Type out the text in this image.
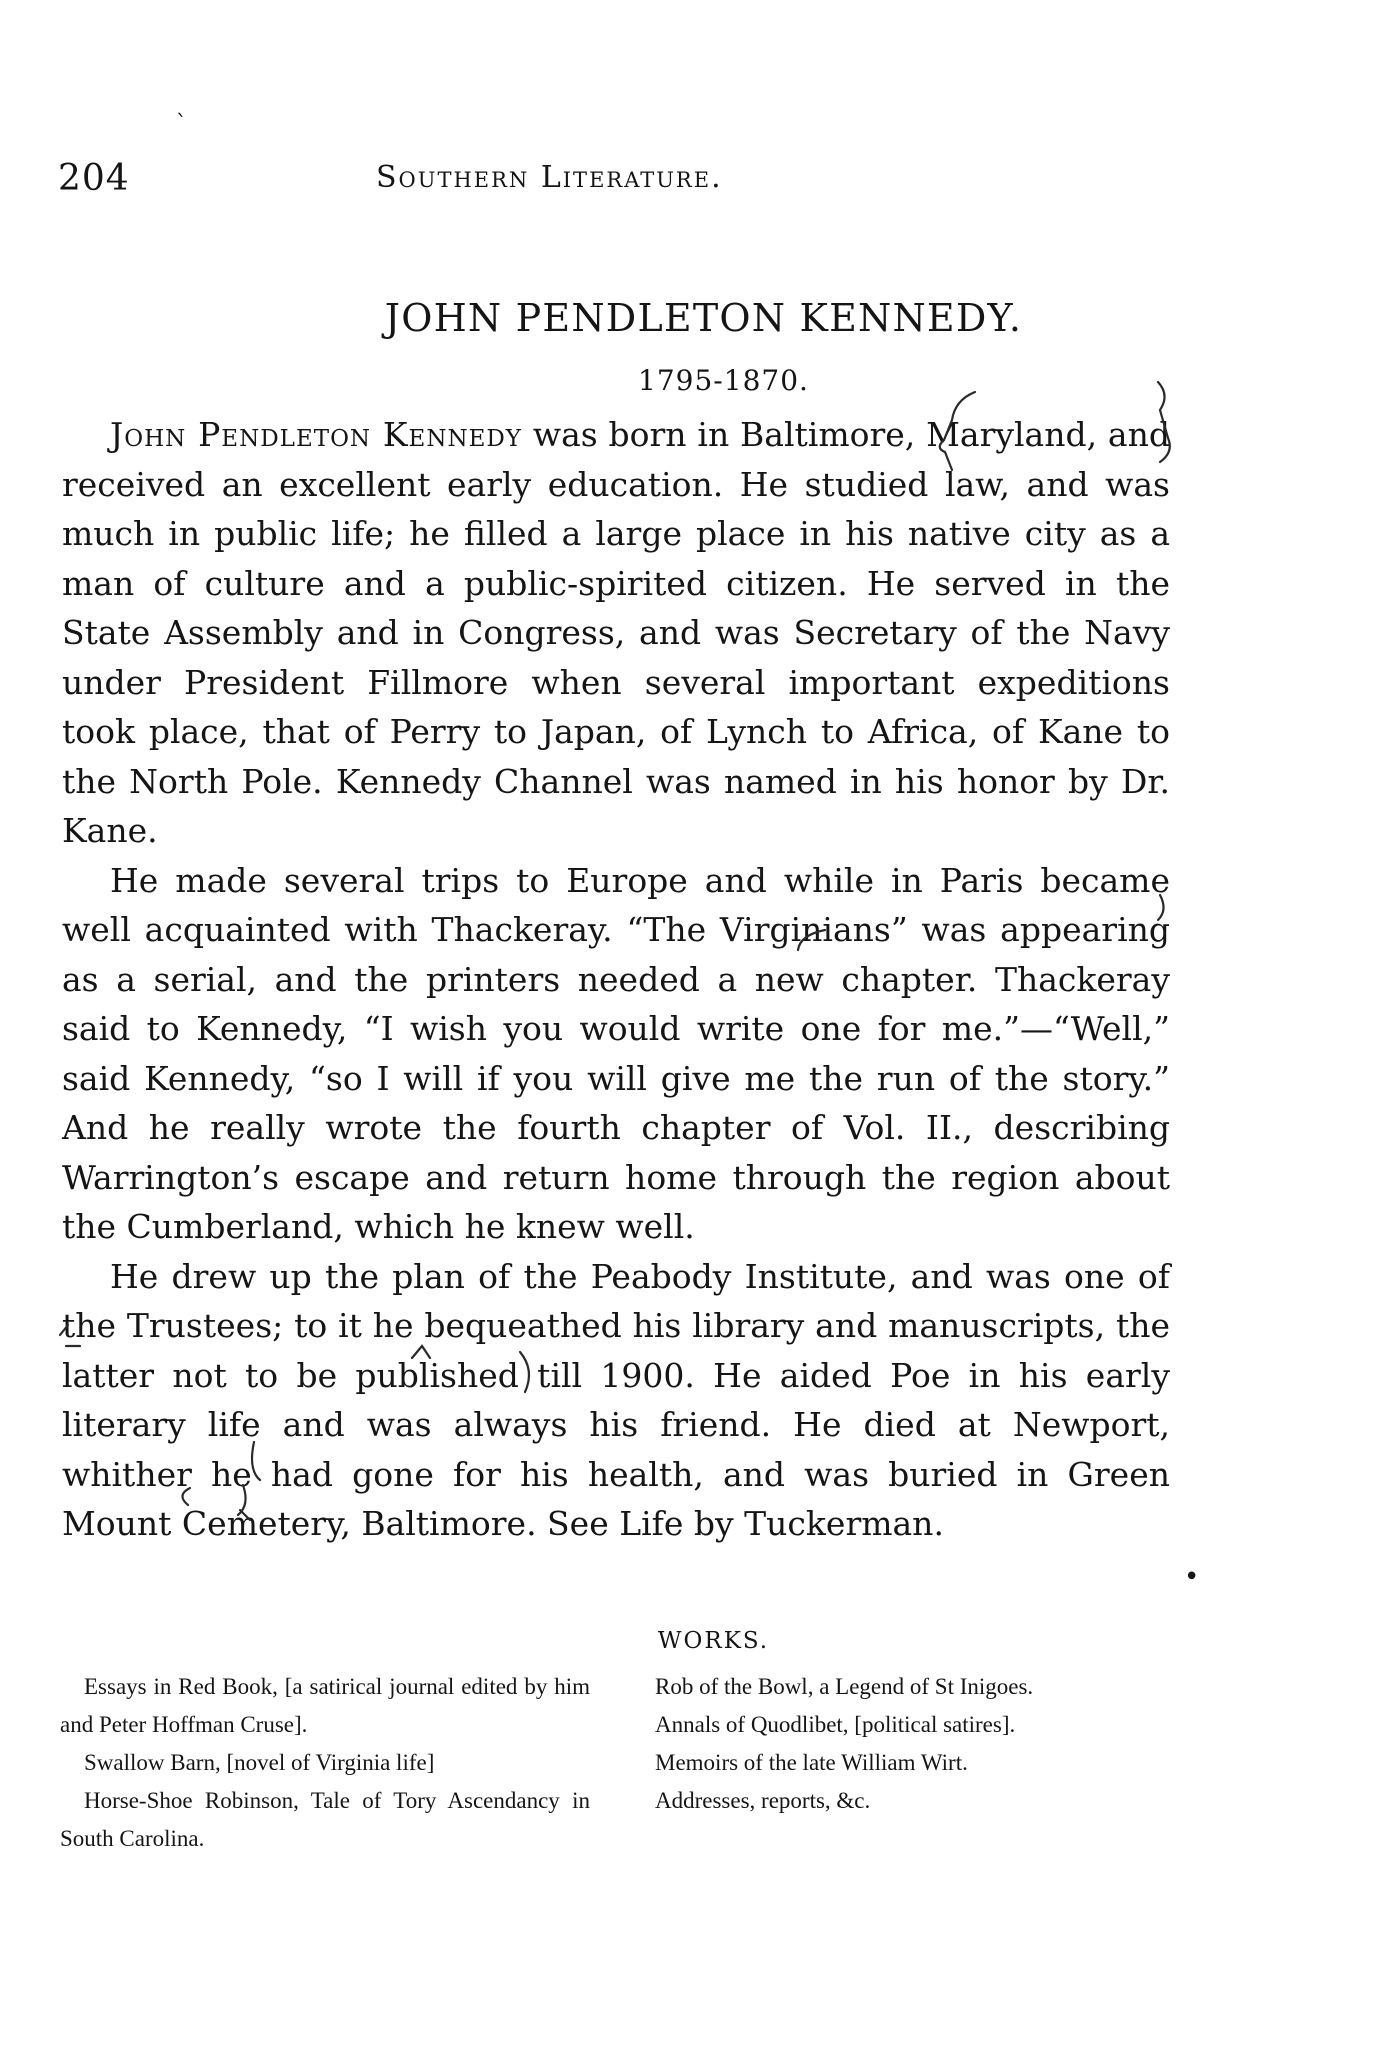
ˋ
204	Southern Literature.
JOHN PENDLETON KENNEDY.
1795-1870.

John Pendleton Kennedy was born in Baltimore, Maryland, and received an excellent early education. He studied law, and was much in public life; he filled a large place in his native city as a man of culture and a public-spirited citizen. He served in the State Assembly and in Congress, and was Secretary of the Navy under President Fillmore when several important expeditions took place, that of Perry to Japan, of Lynch to Africa, of Kane to the North Pole. Kennedy Channel was named in his honor by Dr. Kane.

He made several trips to Europe and while in Paris became well acquainted with Thackeray. “The Virginians” was appearing as a serial, and the printers needed a new chapter. Thackeray said to Kennedy, “I wish you would write one for me.”—“Well,” said Kennedy, “so I will if you will give me the run of the story.” And he really wrote the fourth chapter of Vol. II., describing Warrington’s escape and return home through the region about the Cumberland, which he knew well.

He drew up the plan of the Peabody Institute, and was one of the Trustees; to it he bequeathed his library and manuscripts, the latter not to be published till 1900. He aided Poe in his early literary life and was always his friend. He died at Newport, whither he had gone for his health, and was buried in Green Mount Cemetery, Baltimore. See Life by Tuckerman.

WORKS.

Essays in Red Book, [a satirical journal edited by him and Peter Hoffman Cruse].

Swallow Barn, [novel of Virginia life]

Horse-Shoe Robinson, Tale of Tory Ascendancy in South Carolina.

Rob of the Bowl, a Legend of St Inigoes.

Annals of Quodlibet, [political satires].

Memoirs of the late William Wirt.

Addresses, reports, &c.

•
